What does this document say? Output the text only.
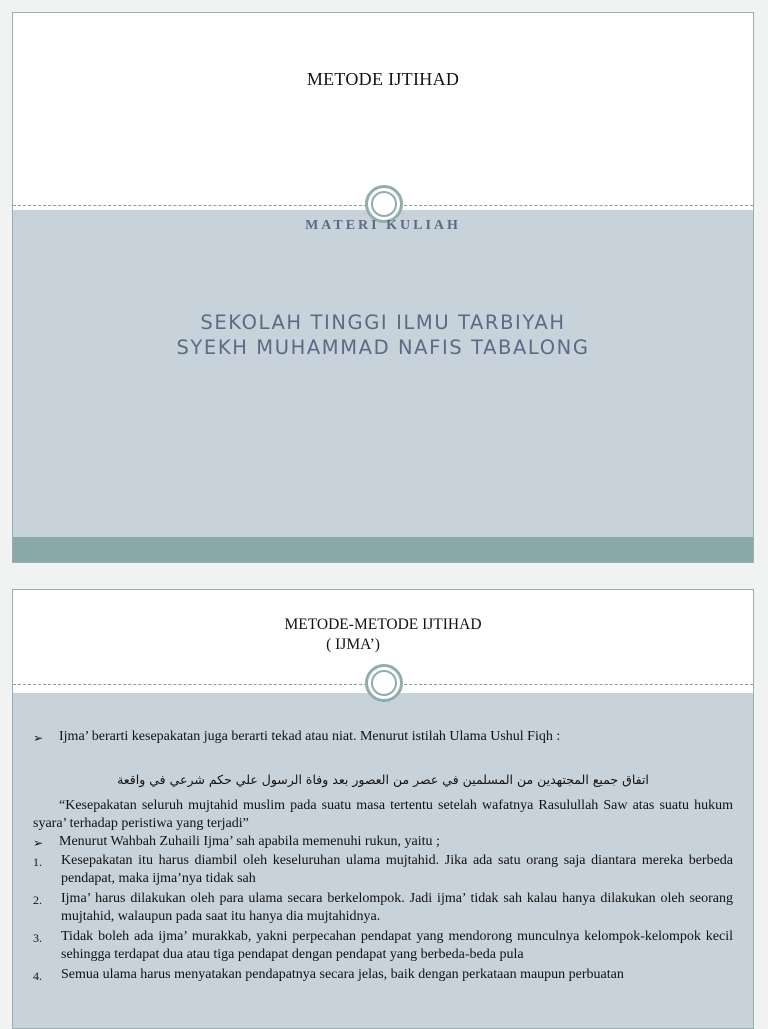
METODE IJTIHAD
MATERI KULIAH
SEKOLAH TINGGI ILMU TARBIYAH
SYEKH MUHAMMAD NAFIS TABALONG
METODE-METODE IJTIHAD
( IJMA’)
➢	Ijma’ berarti kesepakatan juga berarti tekad atau niat. Menurut istilah Ulama Ushul Fiqh :
اتفاق جميع المجتهدين من المسلمين في عصر من العصور بعد وفاة الرسول علي حكم شرعي في واقعة
“Kesepakatan seluruh mujtahid muslim pada suatu masa tertentu setelah wafatnya Rasulullah Saw atas suatu hukum syara’ terhadap peristiwa yang terjadi”
➢	Menurut Wahbah Zuhaili Ijma’ sah apabila memenuhi rukun, yaitu ;
1.	Kesepakatan itu harus diambil oleh keseluruhan ulama mujtahid. Jika ada satu orang saja diantara mereka berbeda pendapat, maka ijma’nya tidak sah
2.	Ijma’ harus dilakukan oleh para ulama secara berkelompok. Jadi ijma’ tidak sah kalau hanya dilakukan oleh seorang mujtahid, walaupun pada saat itu hanya dia mujtahidnya.
3.	Tidak boleh ada ijma’ murakkab, yakni perpecahan pendapat yang mendorong munculnya kelompok-kelompok kecil sehingga terdapat dua atau tiga pendapat dengan pendapat yang berbeda-beda pula
4.	Semua ulama harus menyatakan pendapatnya secara jelas, baik dengan perkataan maupun perbuatan
